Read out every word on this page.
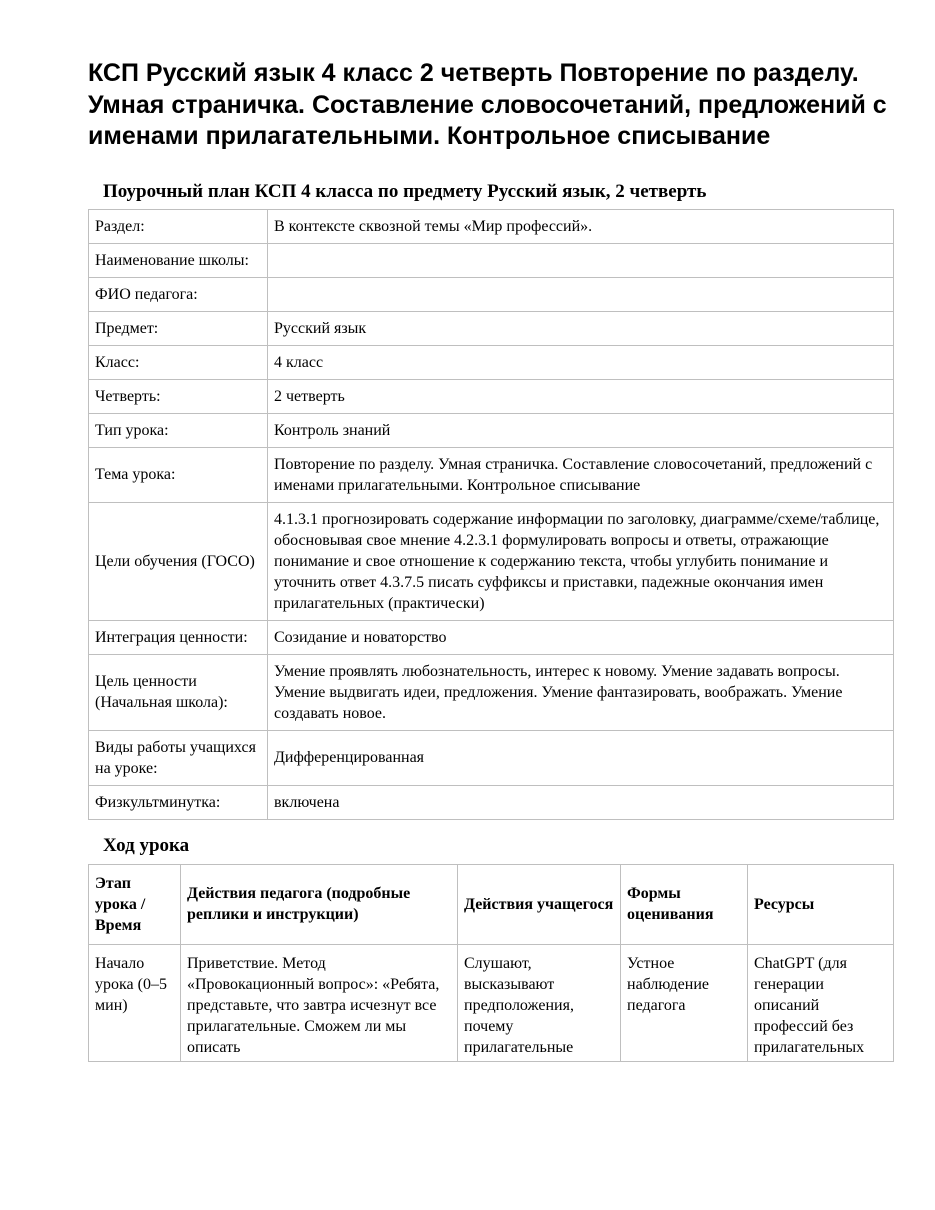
КСП Русский язык 4 класс 2 четверть Повторение по разделу. Умная страничка. Составление словосочетаний, предложений с именами прилагательными. Контрольное списывание
Поурочный план КСП 4 класса по предмету Русский язык, 2 четверть
Раздел:	В контексте сквозной темы «Мир профессий».
Наименование школы:	
ФИО педагога:	
Предмет:	Русский язык
Класс:	4 класс
Четверть:	2 четверть
Тип урока:	Контроль знаний
Тема урока:	Повторение по разделу. Умная страничка. Составление словосочетаний, предложений с именами прилагательными. Контрольное списывание
Цели обучения (ГОСО)	4.1.3.1 прогнозировать содержание информации по заголовку, диаграмме/схеме/таблице, обосновывая свое мнение 4.2.3.1 формулировать вопросы и ответы, отражающие понимание и свое отношение к содержанию текста, чтобы углубить понимание и уточнить ответ 4.3.7.5 писать суффиксы и приставки, падежные окончания имен прилагательных (практически)
Интеграция ценности:	Созидание и новаторство
Цель ценности (Начальная школа):	Умение проявлять любознательность, интерес к новому. Умение задавать вопросы. Умение выдвигать идеи, предложения. Умение фантазировать, воображать. Умение создавать новое.
Виды работы учащихся на уроке:	Дифференцированная
Физкультминутка:	включена
Ход урока
Этап урока / Время	Действия педагога (подробные реплики и инструкции)	Действия учащегося	Формы оценивания	Ресурсы

Начало урока (0–5 мин)	Приветствие. Метод «Провокационный вопрос»: «Ребята, представьте, что завтра исчезнут все прилагательные. Сможем ли мы описать	Слушают, высказывают предположения, почему прилагательные	Устное наблюдение педагога	ChatGPT (для генерации описаний профессий без прилагательных
